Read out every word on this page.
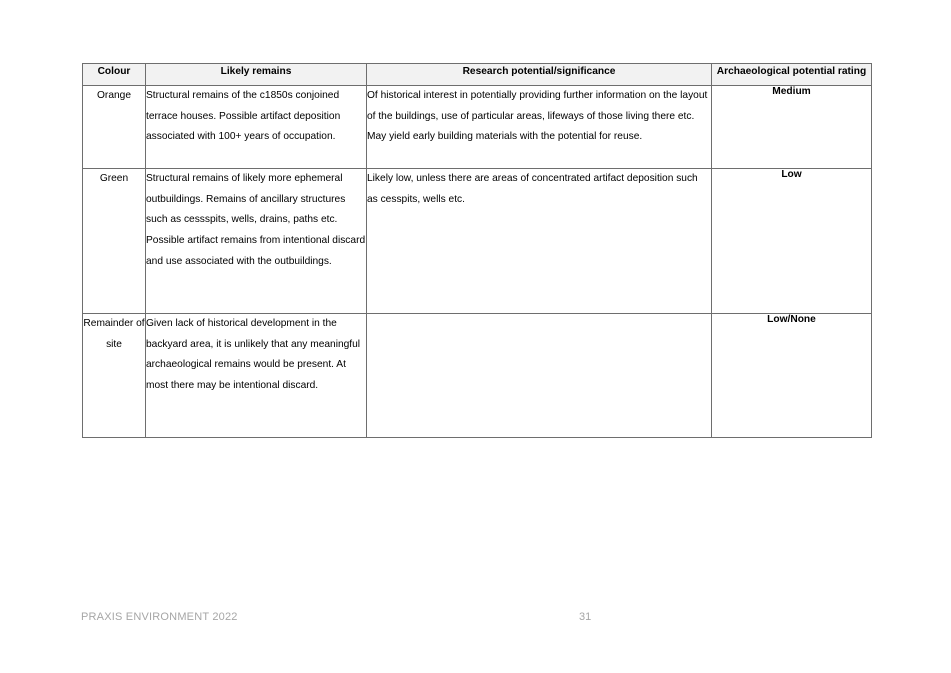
Colour	Likely remains	Research potential/significance	Archaeological potential rating
Orange	Structural remains of the c1850s conjoined terrace houses. Possible artifact deposition associated with 100+ years of occupation.	Of historical interest in potentially providing further information on the layout of the buildings, use of particular areas, lifeways of those living there etc. May yield early building materials with the potential for reuse.	Medium
Green	Structural remains of likely more ephemeral outbuildings. Remains of ancillary structures such as cessspits, wells, drains, paths etc. Possible artifact remains from intentional discard and use associated with the outbuildings.	Likely low, unless there are areas of concentrated artifact deposition such as cesspits, wells etc.	Low
Remainder of site	Given lack of historical development in the backyard area, it is unlikely that any meaningful archaeological remains would be present. At most there may be intentional discard.		Low/None
PRAXIS ENVIRONMENT 2022	31
